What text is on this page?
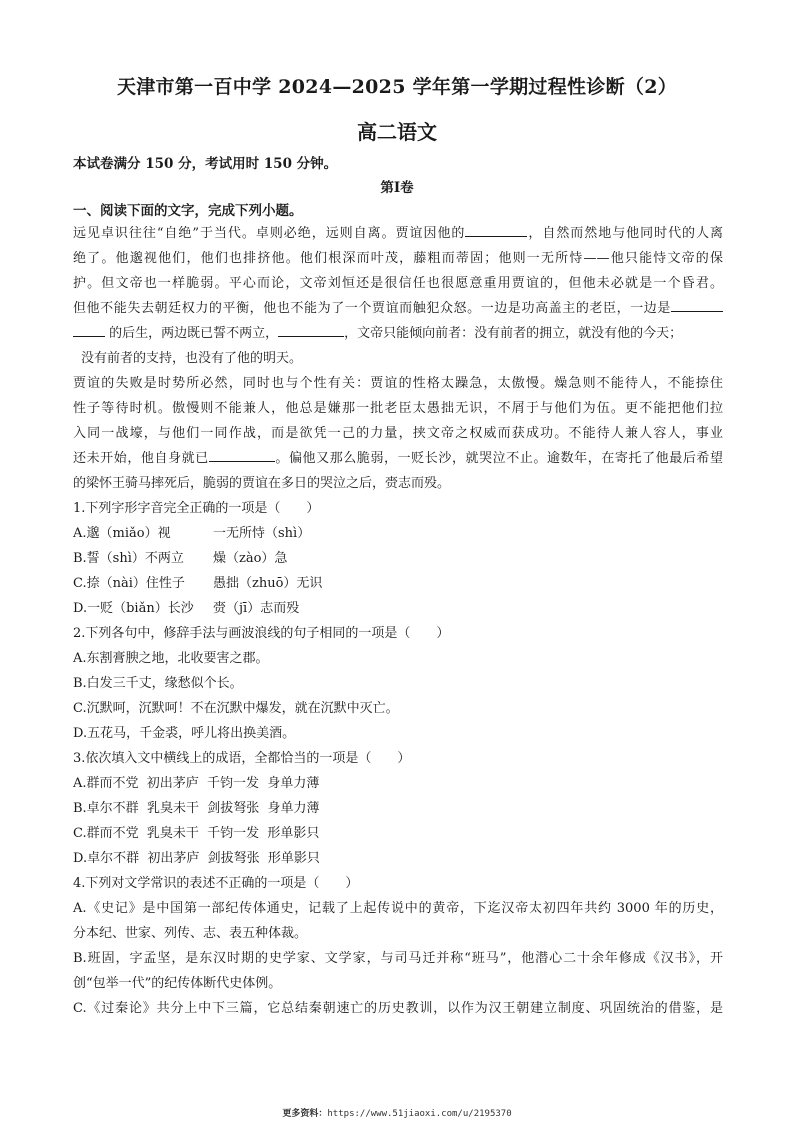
天津市第一百中学 2024—2025 学年第一学期过程性诊断（2）
高二语文
本试卷满分 150 分，考试用时 150 分钟。
第Ⅰ卷
一、阅读下面的文字，完成下列小题。
远见卓识往往“自绝”于当代。卓则必绝，远则自离。贾谊因他的	，自然而然地与他同时代的人离
绝了。他邈视他们，他们也排挤他。他们根深而叶茂，藤粗而蒂固；他则一无所恃——他只能恃文帝的保
护。但文帝也一样脆弱。平心而论，文帝刘恒还是很信任也很愿意重用贾谊的，但他未必就是一个昏君。
但他不能失去朝廷权力的平衡，他也不能为了一个贾谊而触犯众怒。一边是功高盖主的老臣，一边是
的后生，两边既已誓不两立，	，文帝只能倾向前者：没有前者的拥立，就没有他的今天；
没有前者的支持，也没有了他的明天。
贾谊的失败是时势所必然，同时也与个性有关：贾谊的性格太躁急，太傲慢。燥急则不能待人，不能捺住
性子等待时机。傲慢则不能兼人，他总是嫌那一批老臣太愚拙无识，不屑于与他们为伍。更不能把他们拉
入同一战壕，与他们一同作战，而是欲凭一己的力量，挟文帝之权威而获成功。不能待人兼人容人，事业
还未开始，他自身就已	。偏他又那么脆弱，一贬长沙，就哭泣不止。逾数年，在寄托了他最后希望
的梁怀王骑马摔死后，脆弱的贾谊在多日的哭泣之后，赍志而殁。
1.下列字形字音完全正确的一项是（　　）
A.邈（miǎo）视	一无所恃（shì）
B.誓（shì）不两立 燥（zào）急
C.捺（nài）住性子 愚拙（zhuō）无识
D.一贬（biǎn）长沙 赍（jī）志而殁
2.下列各句中，修辞手法与画波浪线的句子相同的一项是（　　）
A.东割膏腴之地，北收要害之郡。
B.白发三千丈，缘愁似个长。
C.沉默呵，沉默呵！不在沉默中爆发，就在沉默中灭亡。
D.五花马，千金裘，呼儿将出换美酒。
3.依次填入文中横线上的成语，全都恰当的一项是（　　）
A.群而不党  初出茅庐  千钧一发  身单力薄
B.卓尔不群  乳臭未干  剑拔弩张  身单力薄
C.群而不党  乳臭未干  千钧一发  形单影只
D.卓尔不群  初出茅庐  剑拔弩张  形单影只
4.下列对文学常识的表述不正确的一项是（　　）
A.《史记》是中国第一部纪传体通史，记载了上起传说中的黄帝，下迄汉帝太初四年共约 3000 年的历史，
分本纪、世家、列传、志、表五种体裁。
B.班固，字孟坚，是东汉时期的史学家、文学家，与司马迁并称“班马”，他潜心二十余年修成《汉书》，开
创“包举一代”的纪传体断代史体例。
C.《过秦论》共分上中下三篇，它总结秦朝速亡的历史教训，以作为汉王朝建立制度、巩固统治的借鉴，是
更多资料：https://www.51jiaoxi.com/u/2195370
